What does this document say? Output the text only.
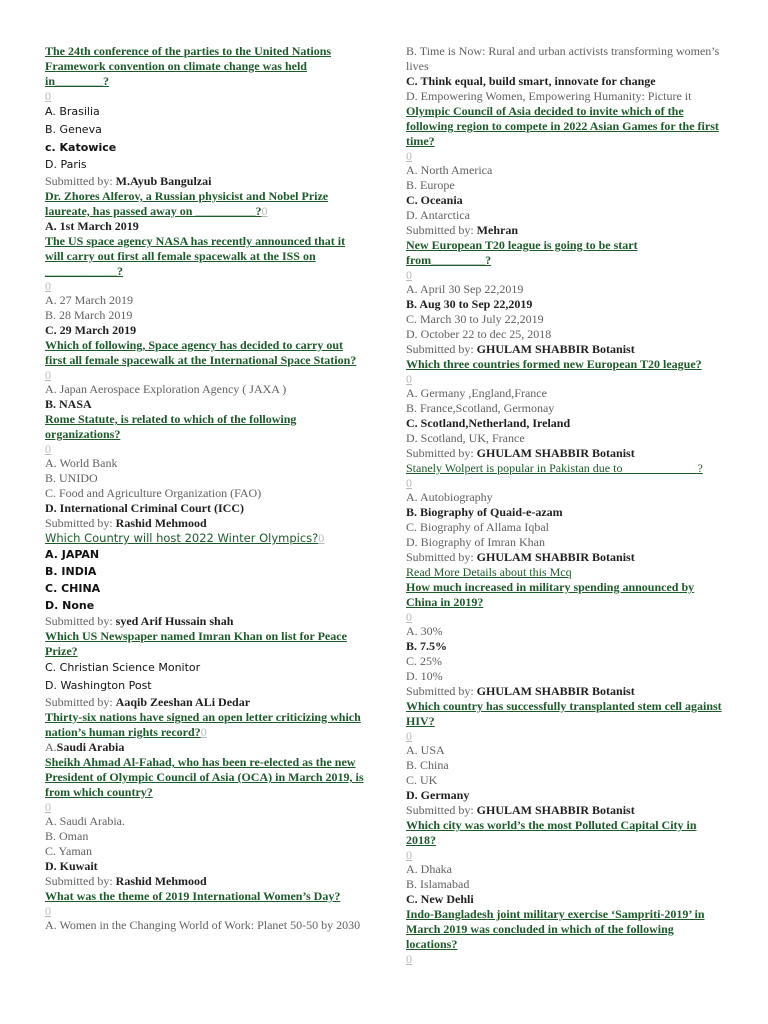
The 24th conference of the parties to the United Nations Framework convention on climate change was held in________?

0

A. Brasilia

B. Geneva

c. Katowice

D. Paris

Submitted by: M.Ayub Bangulzai

Dr. Zhores Alferov, a Russian physicist and Nobel Prize laureate, has passed away on __________?0

A. 1st March 2019

The US space agency NASA has recently announced that it will carry out first all female spacewalk at the ISS on ____________?

0

A. 27 March 2019

B. 28 March 2019

C. 29 March 2019

Which of following, Space agency has decided to carry out first all female spacewalk at the International Space Station?

0

A. Japan Aerospace Exploration Agency ( JAXA )

B. NASA

Rome Statute, is related to which of the following organizations?

0

A. World Bank

B. UNIDO

C. Food and Agriculture Organization (FAO)

D. International Criminal Court (ICC)

Submitted by: Rashid Mehmood

Which Country will host 2022 Winter Olympics?0

A. JAPAN

B. INDIA

C. CHINA

D. None

Submitted by: syed Arif Hussain shah

Which US Newspaper named Imran Khan on list for Peace Prize?

C. Christian Science Monitor

D. Washington Post

Submitted by: Aaqib Zeeshan ALi Dedar

Thirty-six nations have signed an open letter criticizing which nation’s human rights record?0

A.Saudi Arabia

Sheikh Ahmad Al-Fahad, who has been re-elected as the new President of Olympic Council of Asia (OCA) in March 2019, is from which country?

0

A. Saudi Arabia.

B. Oman

C. Yaman

D. Kuwait

Submitted by: Rashid Mehmood

What was the theme of 2019 International Women’s Day?

0

A. Women in the Changing World of Work: Planet 50-50 by 2030

B. Time is Now: Rural and urban activists transforming women’s lives

C. Think equal, build smart, innovate for change

D. Empowering Women, Empowering Humanity: Picture it

Olympic Council of Asia decided to invite which of the following region to compete in 2022 Asian Games for the first time?

0

A. North America

B. Europe

C. Oceania

D. Antarctica

Submitted by: Mehran

New European T20 league is going to be start from_________?

0

A. April 30 Sep 22,2019

B. Aug 30 to Sep 22,2019

C. March 30 to July 22,2019

D. October 22 to dec 25, 2018

Submitted by: GHULAM SHABBIR Botanist

Which three countries formed new European T20 league?

0

A. Germany ,England,France

B. France,Scotland, Germonay

C. Scotland,Netherland, Ireland

D. Scotland, UK, France

Submitted by: GHULAM SHABBIR Botanist

Stanely Wolpert is popular in Pakistan due to ____________?

0

A. Autobiography

B. Biography of Quaid-e-azam

C. Biography of Allama Iqbal

D. Biography of Imran Khan

Submitted by: GHULAM SHABBIR Botanist

Read More Details about this Mcq

How much increased in military spending announced by China in 2019?

0

A. 30%

B. 7.5%

C. 25%

D. 10%

Submitted by: GHULAM SHABBIR Botanist

Which country has successfully transplanted stem cell against HIV?

0

A. USA

B. China

C. UK

D. Germany

Submitted by: GHULAM SHABBIR Botanist

Which city was world’s the most Polluted Capital City in 2018?

0

A. Dhaka

B. Islamabad

C. New Dehli

Indo-Bangladesh joint military exercise ‘Sampriti-2019’ in March 2019 was concluded in which of the following locations?

0
